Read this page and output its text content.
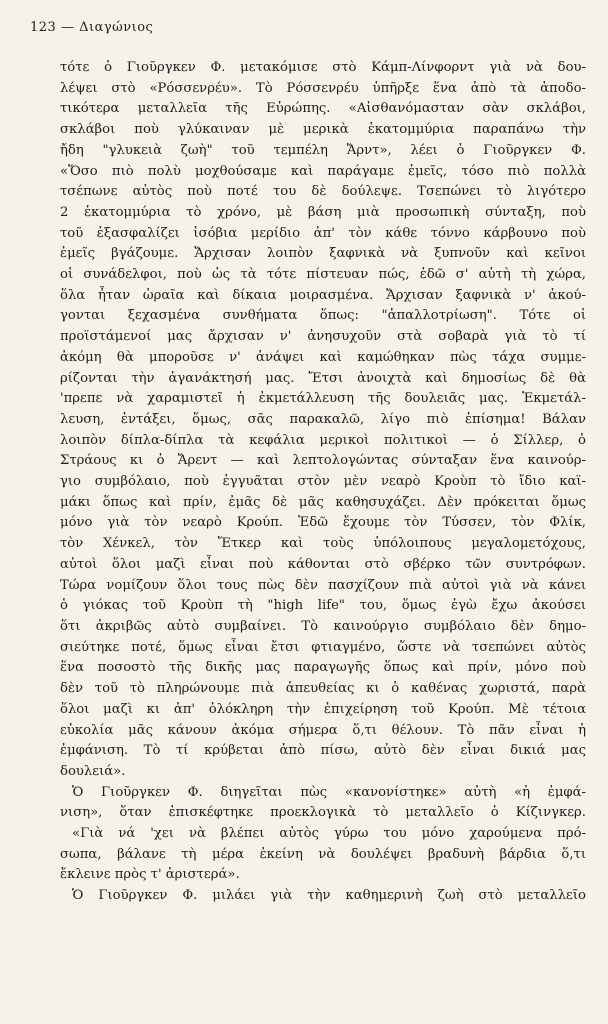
123 — Διαγώνιος
τότε ὁ Γιοῦργκεν Φ. μετακόμισε στὸ Κάμπ-Λίνφορντ γιὰ νὰ δου-
λέψει στὸ «Ρόσσενρέυ». Τὸ Ρόσσενρέυ ὑπῆρξε ἕνα ἀπὸ τὰ ἀποδο-
τικότερα μεταλλεῖα τῆς Εὐρώπης. «Αἰσθανόμασταν σὰν σκλάβοι,
σκλάβοι ποὺ γλύκαιναν μὲ μερικὰ ἑκατομμύρια παραπάνω τὴν
ἤδη "γλυκειὰ ζωὴ" τοῦ τεμπέλη Ἄρντ», λέει ὁ Γιοῦργκεν Φ.
«Ὅσο πιὸ πολὺ μοχθούσαμε καὶ παράγαμε ἐμεῖς, τόσο πιὸ πολλὰ
τσέπωνε αὐτὸς ποὺ ποτέ του δὲ δούλεψε. Τσεπώνει τὸ λιγότερο
2 ἑκατομμύρια τὸ χρόνο, μὲ βάση μιὰ προσωπικὴ σύνταξη, ποὺ
τοῦ ἐξασφαλίζει ἰσόβια μερίδιο ἀπ' τὸν κάθε τόννο κάρβουνο ποὺ
ἐμεῖς βγάζουμε. Ἄρχισαν λοιπὸν ξαφνικὰ νὰ ξυπνοῦν καὶ κεῖνοι
οἱ συνάδελφοι, ποὺ ὡς τὰ τότε πίστευαν πώς, ἐδῶ σ' αὐτὴ τὴ χώρα,
ὅλα ἦταν ὡραῖα καὶ δίκαια μοιρασμένα. Ἄρχισαν ξαφνικὰ ν' ἀκού-
γονται ξεχασμένα συνθήματα ὅπως: "ἀπαλλοτρίωση". Τότε οἱ
προϊστάμενοί μας ἄρχισαν ν' ἀνησυχοῦν στὰ σοβαρὰ γιὰ τὸ τί
ἀκόμη θὰ μποροῦσε ν' ἀνάψει καὶ καμώθηκαν πὼς τάχα συμμε-
ρίζονται τὴν ἀγανάκτησή μας. Ἔτσι ἀνοιχτὰ καὶ δημοσίως δὲ θὰ
'πρεπε νὰ χαραμιστεῖ ἡ ἐκμετάλλευση τῆς δουλειᾶς μας. Ἐκμετάλ-
λευση, ἐντάξει, ὅμως, σᾶς παρακαλῶ, λίγο πιὸ ἐπίσημα! Βάλαν
λοιπὸν δίπλα-δίπλα τὰ κεφάλια μερικοὶ πολιτικοὶ — ὁ Σίλλερ, ὁ
Στράους κι ὁ Ἄρεντ — καὶ λεπτολογώντας σύνταξαν ἕνα καινούρ-
γιο συμβόλαιο, ποὺ ἐγγυᾶται στὸν μὲν νεαρὸ Κροὺπ τὸ ἴδιο καϊ-
μάκι ὅπως καὶ πρίν, ἐμᾶς δὲ μᾶς καθησυχάζει. Δὲν πρόκειται ὅμως
μόνο γιὰ τὸν νεαρὸ Κρούπ. Ἐδῶ ἔχουμε τὸν Τύσσεν, τὸν Φλίκ,
τὸν Χένκελ, τὸν Ἔτκερ καὶ τοὺς ὑπόλοιπους μεγαλομετόχους,
αὐτοὶ ὅλοι μαζὶ εἶναι ποὺ κάθονται στὸ σβέρκο τῶν συντρόφων.
Τώρα νομίζουν ὅλοι τους πὼς δὲν πασχίζουν πιὰ αὐτοὶ γιὰ νὰ κάνει
ὁ γιόκας τοῦ Κροὺπ τὴ "high life" του, ὅμως ἐγὼ ἔχω ἀκούσει
ὅτι ἀκριβῶς αὐτὸ συμβαίνει. Τὸ καινούργιο συμβόλαιο δὲν δημο-
σιεύτηκε ποτέ, ὅμως εἶναι ἔτσι φτιαγμένο, ὥστε νὰ τσεπώνει αὐτὸς
ἕνα ποσοστὸ τῆς δικῆς μας παραγωγῆς ὅπως καὶ πρίν, μόνο ποὺ
δὲν τοῦ τὸ πληρώνουμε πιὰ ἀπευθείας κι ὁ καθένας χωριστά, παρὰ
ὅλοι μαζὶ κι ἀπ' ὁλόκληρη τὴν ἐπιχείρηση τοῦ Κρούπ. Μὲ τέτοια
εὐκολία μᾶς κάνουν ἀκόμα σήμερα ὅ,τι θέλουν. Τὸ πᾶν εἶναι ἡ
ἐμφάνιση. Τὸ τί κρύβεται ἀπὸ πίσω, αὐτὸ δὲν εἶναι δικιά μας
δουλειά».
Ὁ Γιοῦργκεν Φ. διηγεῖται πὼς «κανονίστηκε» αὐτὴ «ἡ ἐμφά-
νιση», ὅταν ἐπισκέφτηκε προεκλογικὰ τὸ μεταλλεῖο ὁ Κίζινγκερ.
«Γιὰ νά 'χει νὰ βλέπει αὐτὸς γύρω του μόνο χαρούμενα πρό-
σωπα, βάλανε τὴ μέρα ἐκείνη νὰ δουλέψει βραδυνὴ βάρδια ὅ,τι
ἔκλεινε πρὸς τ' ἀριστερά».
Ὁ Γιοῦργκεν Φ. μιλάει γιὰ τὴν καθημερινὴ ζωὴ στὸ μεταλλεῖο
